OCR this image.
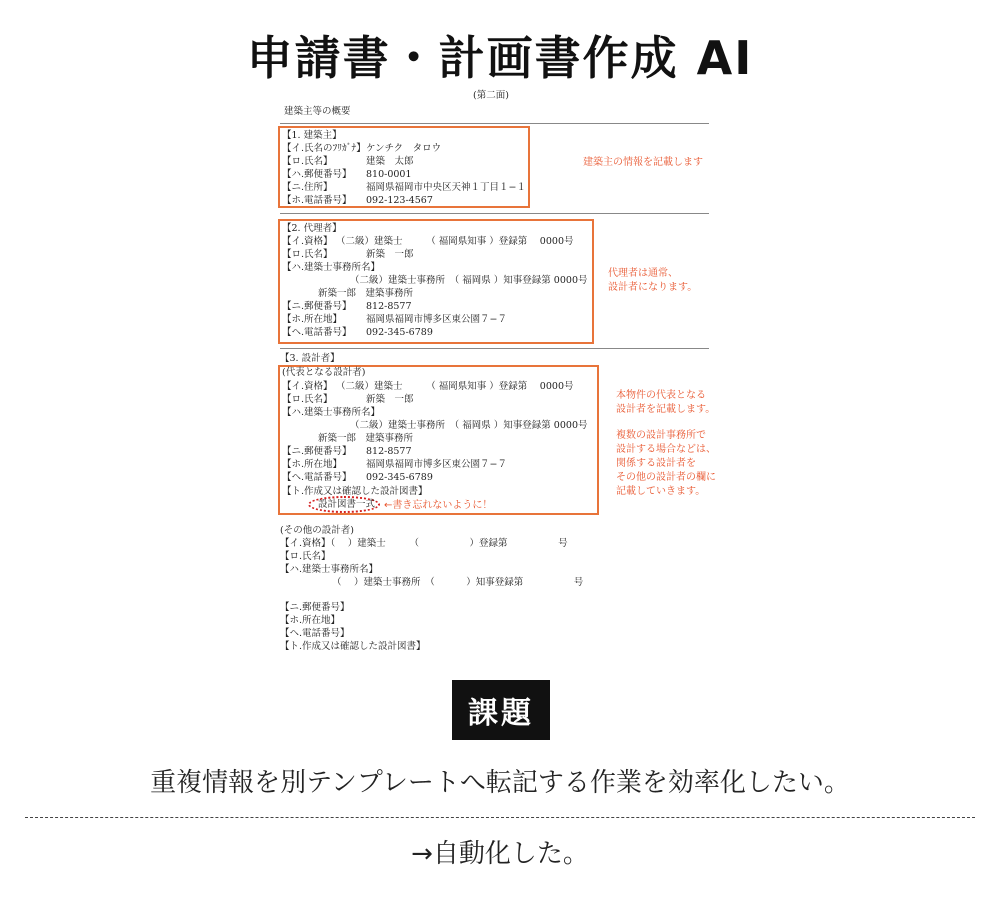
申請書・計画書作成 AI
(第二面)
建築主等の概要
【1. 建築主】
【イ.氏名のﾌﾘｶﾞﾅ】 ケンチク　タロウ
【ロ.氏名】	建築　太郎
【ハ.郵便番号】 810-0001
【ニ.住所】	福岡県福岡市中央区天神１丁目１−１
【ホ.電話番号】 092-123-4567
建築主の情報を記載します
【2. 代理者】
【イ.資格】 （二級）建築士　　　（ 福岡県知事 ）登録第　 0000号
【ロ.氏名】	新築　一郎
【ハ.建築士事務所名】
（二級）建築士事務所　（ 福岡県 ）知事登録第 0000号
新築一郎　建築事務所
【ニ.郵便番号】 812-8577
【ホ.所在地】	福岡県福岡市博多区東公園７−７
【ヘ.電話番号】 092-345-6789
代理者は通常、
設計者になります。
【3. 設計者】
(代表となる設計者)
【イ.資格】 （二級）建築士　　　（ 福岡県知事 ）登録第　 0000号
【ロ.氏名】	新築　一郎
【ハ.建築士事務所名】
（二級）建築士事務所　（ 福岡県 ）知事登録第 0000号
新築一郎　建築事務所
【ニ.郵便番号】 812-8577
【ホ.所在地】	福岡県福岡市博多区東公園７−７
【ヘ.電話番号】 092-345-6789
【ト.作成又は確認した設計図書】
設計図書一式 ←書き忘れないように！
本物件の代表となる
設計者を記載します。
複数の設計事務所で
設計する場合などは、
関係する設計者を
その他の設計者の欄に
記載していきます。
(その他の設計者)
【イ.資格】（　 ）建築士　　　（　　　　　 ）登録第　　　　　 号
【ロ.氏名】
【ハ.建築士事務所名】
（　 ）建築士事務所　（　　　 ）知事登録第　　　　　 号
【ニ.郵便番号】
【ホ.所在地】
【ヘ.電話番号】
【ト.作成又は確認した設計図書】
課題
重複情報を別テンプレートへ転記する作業を効率化したい。
→自動化した。
